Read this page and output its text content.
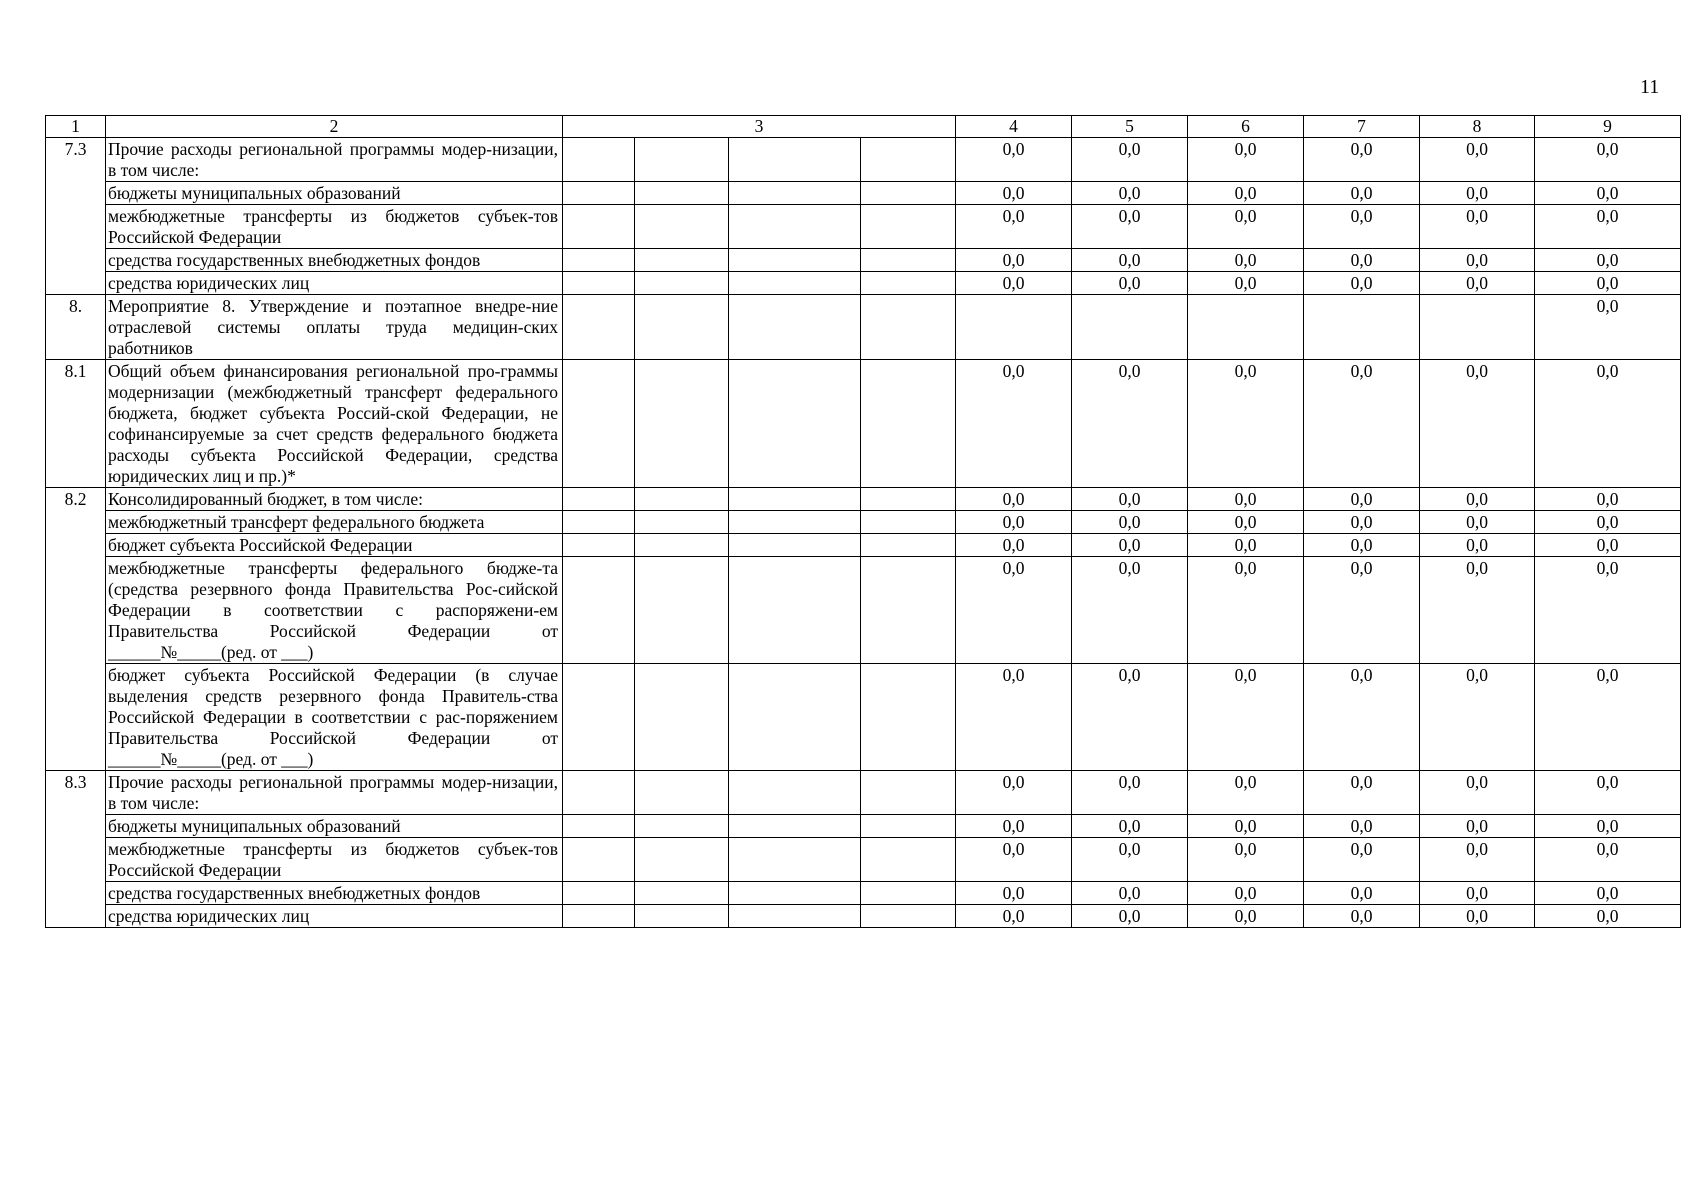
11
1	2	3				4	5	6	7	8	9
7.3	Прочие расходы региональной программы модер-низации, в том числе:					0,0	0,0	0,0	0,0	0,0	0,0
	бюджеты муниципальных образований					0,0	0,0	0,0	0,0	0,0	0,0
	межбюджетные трансферты из бюджетов субъек-тов Российской Федерации					0,0	0,0	0,0	0,0	0,0	0,0
	средства государственных внебюджетных фондов					0,0	0,0	0,0	0,0	0,0	0,0
	средства юридических лиц					0,0	0,0	0,0	0,0	0,0	0,0
8.	Мероприятие 8. Утверждение и поэтапное внедре-ние отраслевой системы оплаты труда медицин-ских работников										0,0
8.1	Общий объем финансирования региональной про-граммы модернизации (межбюджетный трансферт федерального бюджета, бюджет субъекта Россий-ской Федерации, не софинансируемые за счет средств федерального бюджета расходы субъекта Российской Федерации, средства юридических лиц и пр.)*					0,0	0,0	0,0	0,0	0,0	0,0
8.2	Консолидированный бюджет, в том числе:					0,0	0,0	0,0	0,0	0,0	0,0
	межбюджетный трансферт федерального бюджета					0,0	0,0	0,0	0,0	0,0	0,0
	бюджет субъекта Российской Федерации					0,0	0,0	0,0	0,0	0,0	0,0
	межбюджетные трансферты федерального бюдже-та (средства резервного фонда Правительства Рос-сийской Федерации в соответствии с распоряжени-ем Правительства Российской Федерации от ______№_____(ред. от ___)					0,0	0,0	0,0	0,0	0,0	0,0
	бюджет субъекта Российской Федерации (в случае выделения средств резервного фонда Правитель-ства Российской Федерации в соответствии с рас-поряжением Правительства Российской Федерации от ______№_____(ред. от ___)					0,0	0,0	0,0	0,0	0,0	0,0
8.3	Прочие расходы региональной программы модер-низации, в том числе:					0,0	0,0	0,0	0,0	0,0	0,0
	бюджеты муниципальных образований					0,0	0,0	0,0	0,0	0,0	0,0
	межбюджетные трансферты из бюджетов субъек-тов Российской Федерации					0,0	0,0	0,0	0,0	0,0	0,0
	средства государственных внебюджетных фондов					0,0	0,0	0,0	0,0	0,0	0,0
	средства юридических лиц					0,0	0,0	0,0	0,0	0,0	0,0
